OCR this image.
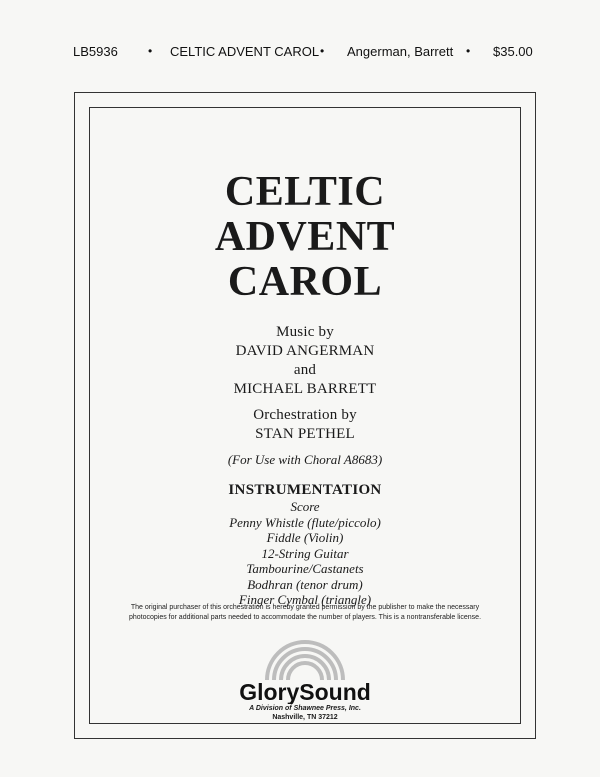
LB5936	• CELTIC ADVENT CAROL • Angerman, Barrett • $35.00
CELTIC
ADVENT
CAROL
Music by
DAVID ANGERMAN
and
MICHAEL BARRETT
Orchestration by
STAN PETHEL
(For Use with Choral A8683)
INSTRUMENTATION
Score
Penny Whistle (flute/piccolo)
Fiddle (Violin)
12-String Guitar
Tambourine/Castanets
Bodhran (tenor drum)
Finger Cymbal (triangle)
The original purchaser of this orchestration is hereby granted permission by the publisher to make the necessary
photocopies for additional parts needed to accommodate the number of players. This is a nontransferable license.
GlorySound
A Division of Shawnee Press, Inc.
Nashville, TN 37212
